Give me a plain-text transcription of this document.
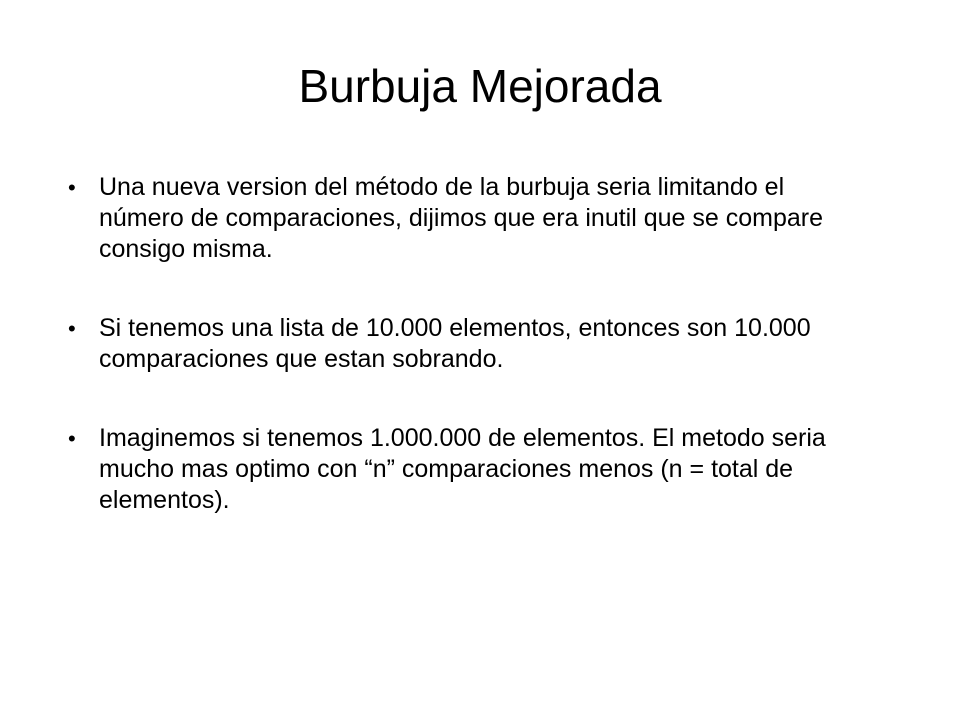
Burbuja Mejorada
• Una nueva version del método de la burbuja seria limitando el número de comparaciones, dijimos que era inutil que se compare consigo misma.
• Si tenemos una lista de 10.000 elementos, entonces son 10.000 comparaciones que estan sobrando.
• Imaginemos si tenemos 1.000.000 de elementos. El metodo seria mucho mas optimo con “n” comparaciones menos (n = total de elementos).
